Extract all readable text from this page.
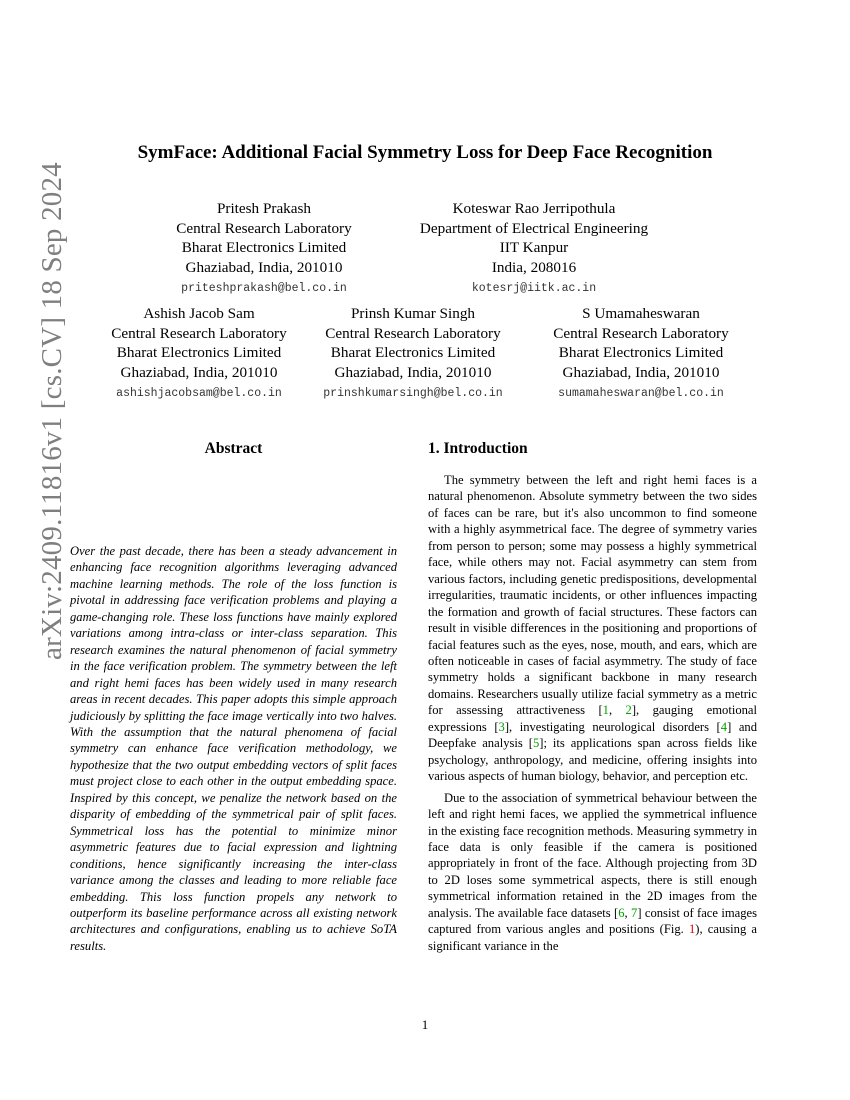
arXiv:2409.11816v1 [cs.CV] 18 Sep 2024
SymFace: Additional Facial Symmetry Loss for Deep Face Recognition
Pritesh Prakash
Central Research Laboratory
Bharat Electronics Limited
Ghaziabad, India, 201010
priteshprakash@bel.co.in
Koteswar Rao Jerripothula
Department of Electrical Engineering
IIT Kanpur
India, 208016
kotesrj@iitk.ac.in
Ashish Jacob Sam
Central Research Laboratory
Bharat Electronics Limited
Ghaziabad, India, 201010
ashishjacobsam@bel.co.in
Prinsh Kumar Singh
Central Research Laboratory
Bharat Electronics Limited
Ghaziabad, India, 201010
prinshkumarsingh@bel.co.in
S Umamaheswaran
Central Research Laboratory
Bharat Electronics Limited
Ghaziabad, India, 201010
sumamaheswaran@bel.co.in
Abstract
Over the past decade, there has been a steady advancement in enhancing face recognition algorithms leveraging advanced machine learning methods. The role of the loss function is pivotal in addressing face verification problems and playing a game-changing role. These loss functions have mainly explored variations among intra-class or inter-class separation. This research examines the natural phenomenon of facial symmetry in the face verification problem. The symmetry between the left and right hemi faces has been widely used in many research areas in recent decades. This paper adopts this simple approach judiciously by splitting the face image vertically into two halves. With the assumption that the natural phenomena of facial symmetry can enhance face verification methodology, we hypothesize that the two output embedding vectors of split faces must project close to each other in the output embedding space. Inspired by this concept, we penalize the network based on the disparity of embedding of the symmetrical pair of split faces. Symmetrical loss has the potential to minimize minor asymmetric features due to facial expression and lightning conditions, hence significantly increasing the inter-class variance among the classes and leading to more reliable face embedding. This loss function propels any network to outperform its baseline performance across all existing network architectures and configurations, enabling us to achieve SoTA results.
1. Introduction

The symmetry between the left and right hemi faces is a natural phenomenon. Absolute symmetry between the two sides of faces can be rare, but it's also uncommon to find someone with a highly asymmetrical face. The degree of symmetry varies from person to person; some may possess a highly symmetrical face, while others may not. Facial asymmetry can stem from various factors, including genetic predispositions, developmental irregularities, traumatic incidents, or other influences impacting the formation and growth of facial structures. These factors can result in visible differences in the positioning and proportions of facial features such as the eyes, nose, mouth, and ears, which are often noticeable in cases of facial asymmetry. The study of face symmetry holds a significant backbone in many research domains. Researchers usually utilize facial symmetry as a metric for assessing attractiveness [1, 2], gauging emotional expressions [3], investigating neurological disorders [4] and Deepfake analysis [5]; its applications span across fields like psychology, anthropology, and medicine, offering insights into various aspects of human biology, behavior, and perception etc.

Due to the association of symmetrical behaviour between the left and right hemi faces, we applied the symmetrical influence in the existing face recognition methods. Measuring symmetry in face data is only feasible if the camera is positioned appropriately in front of the face. Although projecting from 3D to 2D loses some symmetrical aspects, there is still enough symmetrical information retained in the 2D images from the analysis. The available face datasets [6, 7] consist of face images captured from various angles and positions (Fig. 1), causing a significant variance in the

1
